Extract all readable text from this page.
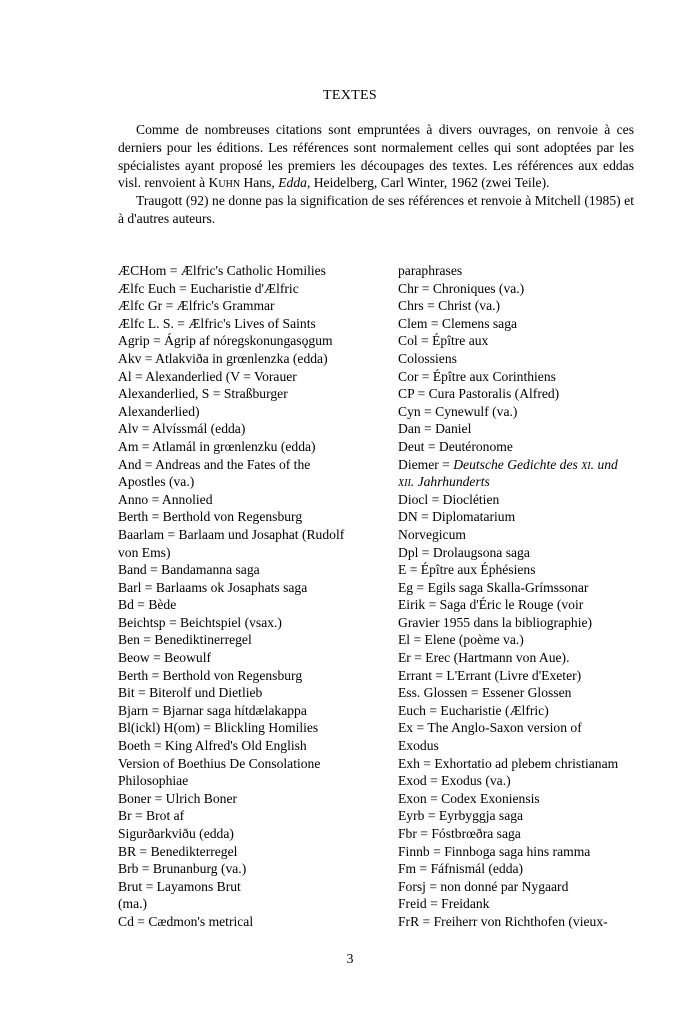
TEXTES

Comme de nombreuses citations sont empruntées à divers ouvrages, on renvoie à ces derniers pour les éditions. Les références sont normalement celles qui sont adoptées par les spécialistes ayant proposé les premiers les découpages des textes. Les références aux eddas visl. renvoient à Kuhn Hans, Edda, Heidelberg, Carl Winter, 1962 (zwei Teile).

Traugott (92) ne donne pas la signification de ses références et renvoie à Mitchell (1985) et à d'autres auteurs.

ÆCHom = Ælfric's Catholic Homilies
Ælfc Euch = Eucharistie d'Ælfric
Ælfc Gr = Ælfric's Grammar
Ælfc L. S. = Ælfric's Lives of Saints
Agrip = Ágrip af nóregskonungasǫgum
Akv = Atlakviða in grœnlenzka (edda)
Al = Alexanderlied (V = Vorauer
Alexanderlied, S = Straßburger
Alexanderlied)
Alv = Alvíssmál (edda)
Am = Atlamál in grœnlenzku (edda)
And = Andreas and the Fates of the
Apostles (va.)
Anno = Annolied
Berth = Berthold von Regensburg
Baarlam = Barlaam und Josaphat (Rudolf
von Ems)
Band = Bandamanna saga
Barl = Barlaams ok Josaphats saga
Bd = Bède
Beichtsp = Beichtspiel (vsax.)
Ben = Benediktinerregel
Beow = Beowulf
Berth = Berthold von Regensburg
Bit = Biterolf und Dietlieb
Bjarn = Bjarnar saga hítdælakappa
Bl(ickl) H(om) = Blickling Homilies
Boeth = King Alfred's Old English
Version of Boethius De Consolatione
Philosophiae
Boner = Ulrich Boner
Br = Brot af
Sigurðarkviðu (edda)
BR = Benedikterregel
Brb = Brunanburg (va.)
Brut = Layamons Brut
(ma.)
Cd = Cædmon's metrical
paraphrases
Chr = Chroniques (va.)
Chrs = Christ (va.)
Clem = Clemens saga
Col = Épître aux
Colossiens
Cor = Épître aux Corinthiens
CP = Cura Pastoralis (Alfred)
Cyn = Cynewulf (va.)
Dan = Daniel
Deut = Deutéronome
Diemer = Deutsche Gedichte des xi. und
xii. Jahrhunderts
Diocl = Dioclétien
DN = Diplomatarium
Norvegicum
Dpl = Drolaugsona saga
E = Épître aux Éphésiens
Eg = Egils saga Skalla-Grímssonar
Eirik = Saga d'Éric le Rouge (voir
Gravier 1955 dans la bibliographie)
El = Elene (poème va.)
Er = Erec (Hartmann von Aue).
Errant = L'Errant (Livre d'Exeter)
Ess. Glossen = Essener Glossen
Euch = Eucharistie (Ælfric)
Ex = The Anglo-Saxon version of
Exodus
Exh = Exhortatio ad plebem christianam
Exod = Exodus (va.)
Exon = Codex Exoniensis
Eyrb = Eyrbyggja saga
Fbr = Fóstbrœðra saga
Finnb = Finnboga saga hins ramma
Fm = Fáfnismál (edda)
Forsj = non donné par Nygaard
Freid = Freidank
FrR = Freiherr von Richthofen (vieux-
3
